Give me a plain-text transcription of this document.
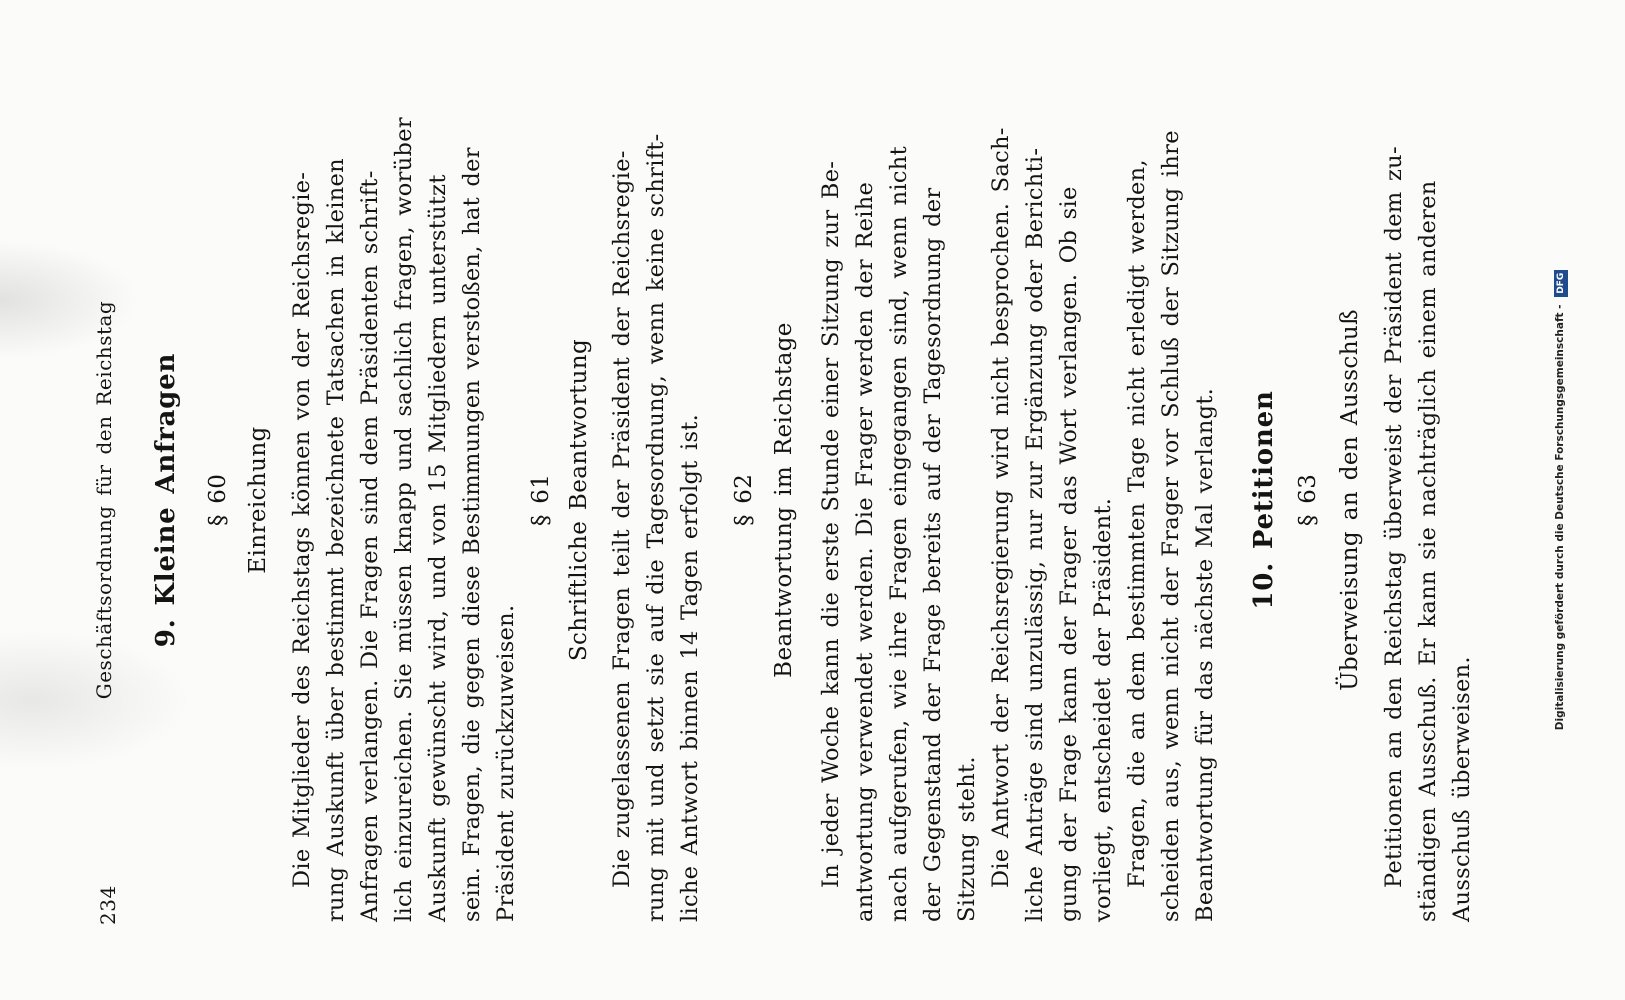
234
Geschäftsordnung für den Reichstag 9. Kleine Anfragen § 60 Einreichung Die Mitglieder des Reichstags können von der Reichsregie- rung Auskunft über bestimmt bezeichnete Tatsachen in kleinen Anfragen verlangen. Die Fragen sind dem Präsidenten schrift- lich einzureichen. Sie müssen knapp und sachlich fragen, worüber Auskunft gewünscht wird, und von 15 Mitgliedern unterstützt sein. Fragen, die gegen diese Bestimmungen verstoßen, hat der Präsident zurückzuweisen.
§ 61 Schriftliche Beantwortung Die zugelassenen Fragen teilt der Präsident der Reichsregie- rung mit und setzt sie auf die Tagesordnung, wenn keine schrift- liche Antwort binnen 14 Tagen erfolgt ist. § 62 Beantwortung im Reichstage In jeder Woche kann die erste Stunde einer Sitzung zur Be- antwortung verwendet werden. Die Frager werden der Reihe nach aufgerufen, wie ihre Fragen eingegangen sind, wenn nicht der Gegenstand der Frage bereits auf der Tagesordnung der Sitzung steht. Die Antwort der Reichsregierung wird nicht besprochen. Sach- liche Anträge sind unzulässig, nur zur Ergänzung oder Berichti- gung der Frage kann der Frager das Wort verlangen. Ob sie vorliegt, entscheidet der Präsident. Fragen, die an dem bestimmten Tage nicht erledigt werden, scheiden aus, wenn nicht der Frager vor Schluß der Sitzung ihre Beantwortung für das nächste Mal verlangt. 10. Petitionen § 63 Überweisung an den Ausschuß Petitionen an den Reichstag überweist der Präsident dem zu- ständigen Ausschuß. Er kann sie nachträglich einem anderen Ausschuß überweisen.
Digitalisierung gefördert durch die Deutsche Forschungsgemeinschaft - DFG
